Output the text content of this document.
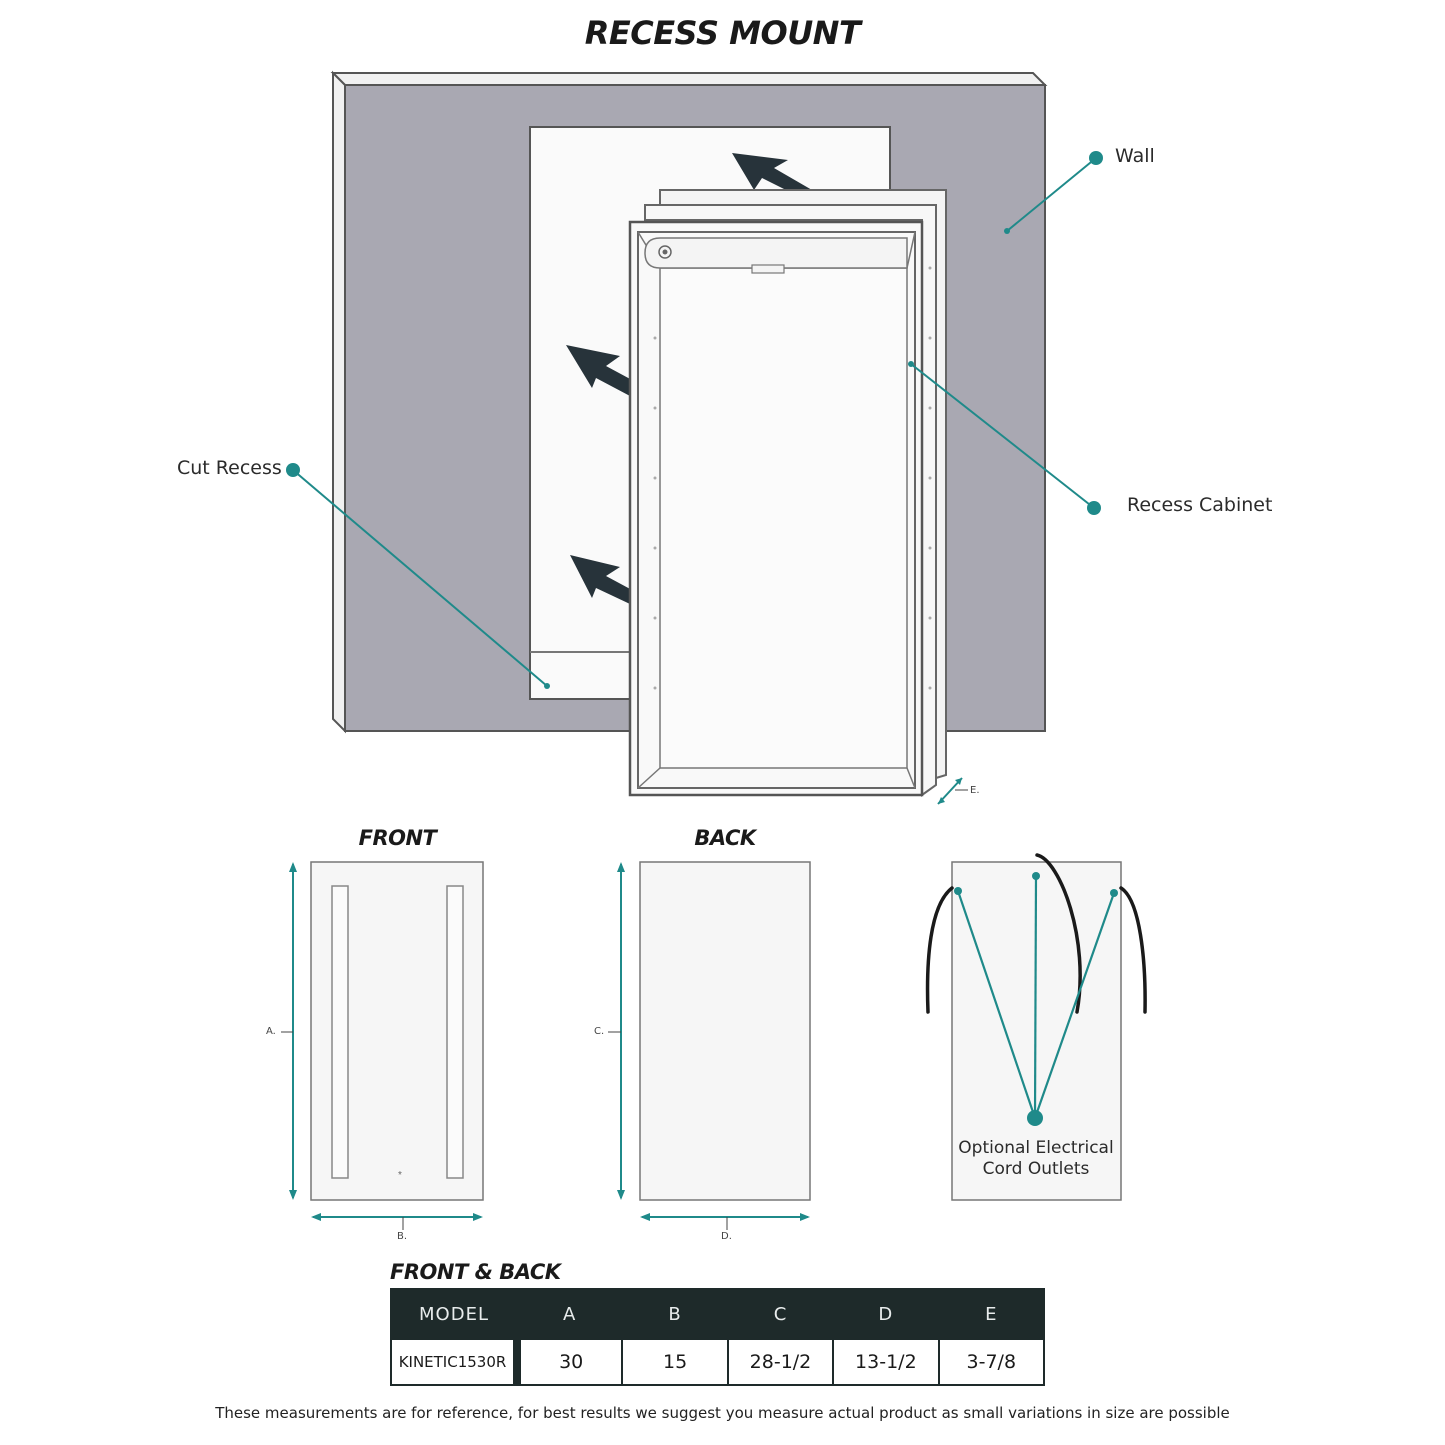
*
RECESS MOUNT
FRONT	BACK
FRONT & BACK
Wall
Cut Recess
Recess Cabinet
Optional Electrical
Cord Outlets
A.
B.
C.
D.
E.
MODEL	A	B	C	D	E
KINETIC1530R	30	15	28-1/2	13-1/2	3-7/8
These measurements are for reference, for best results we suggest you measure actual product as small variations in size are possible
